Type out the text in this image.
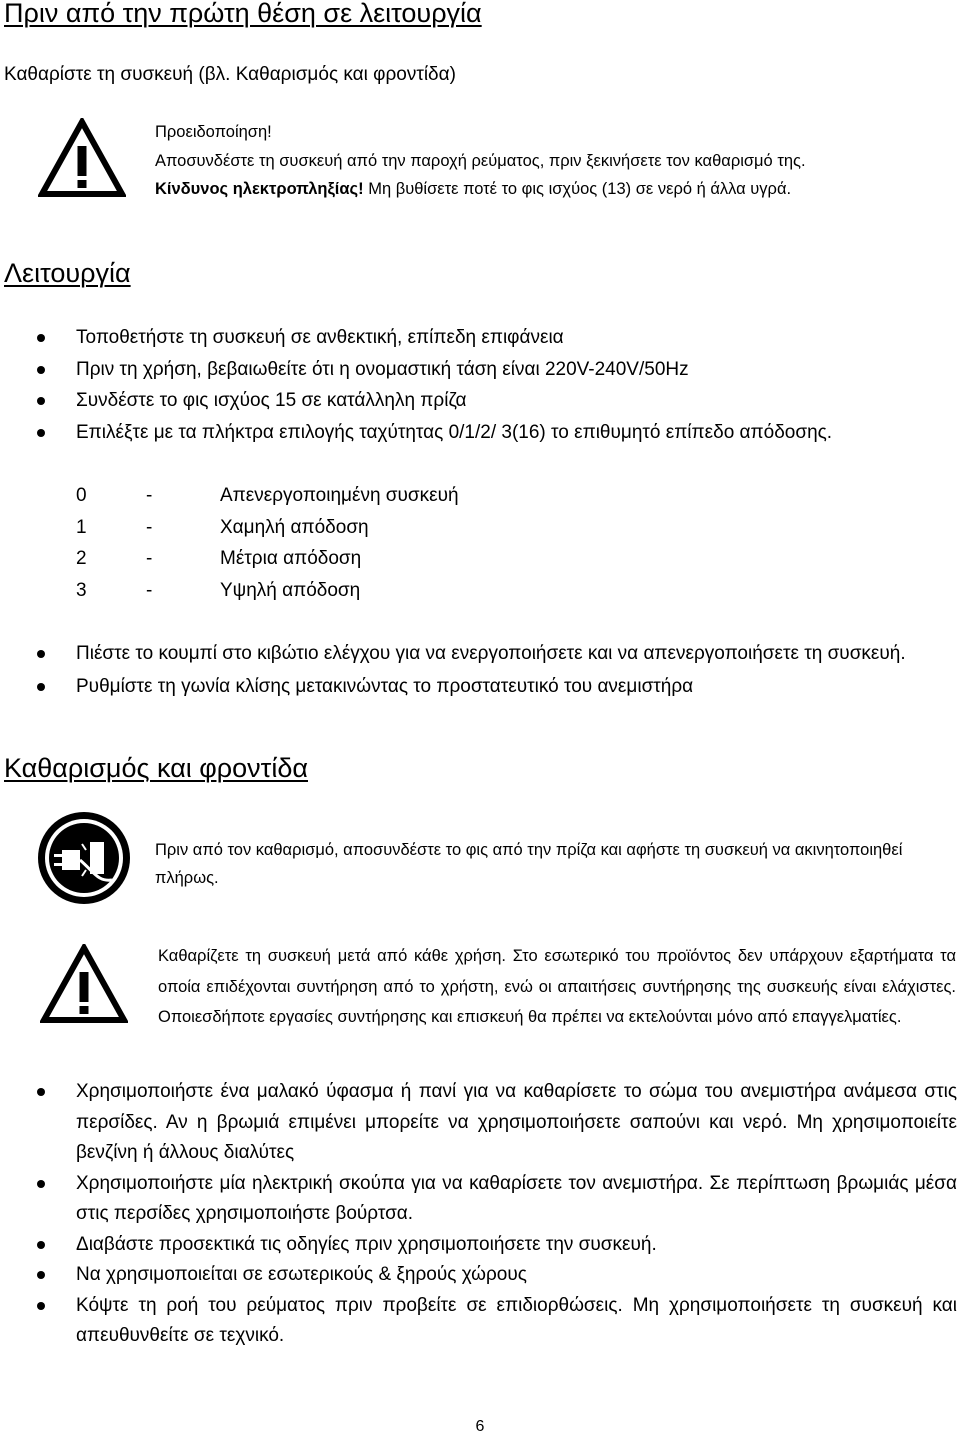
Πριν από την πρώτη θέση σε λειτουργία

Καθαρίστε τη συσκευή (βλ. Καθαρισμός και φροντίδα)

Προειδοποίηση!
Αποσυνδέστε τη συσκευή από την παροχή ρεύματος, πριν ξεκινήσετε τον καθαρισμό της.
Κίνδυνος ηλεκτροπληξίας! Μη βυθίσετε ποτέ το φις ισχύος (13) σε νερό ή άλλα υγρά.
Λειτουργία
Τοποθετήστε τη συσκευή σε ανθεκτική, επίπεδη επιφάνεια
Πριν τη χρήση, βεβαιωθείτε ότι η ονομαστική τάση είναι 220V-240V/50Hz
Συνδέστε το φις ισχύος 15 σε κατάλληλη πρίζα
Επιλέξτε με τα πλήκτρα επιλογής ταχύτητας 0/1/2/ 3(16) το επιθυμητό επίπεδο απόδοσης.
0	-	Απενεργοποιημένη συσκευή
1	-	Χαμηλή απόδοση
2	-	Μέτρια απόδοση
3	-	Υψηλή απόδοση
Πιέστε το κουμπί στο κιβώτιο ελέγχου για να ενεργοποιήσετε και να απενεργοποιήσετε τη συσκευή.
Ρυθμίστε τη γωνία κλίσης μετακινώντας το προστατευτικό του ανεμιστήρα
Καθαρισμός και φροντίδα

Πριν από τον καθαρισμό, αποσυνδέστε το φις από την πρίζα και αφήστε τη συσκευή να ακινητοποιηθεί πλήρως.

Καθαρίζετε τη συσκευή μετά από κάθε χρήση. Στο εσωτερικό του προϊόντος δεν υπάρχουν εξαρτήματα τα οποία επιδέχονται συντήρηση από το χρήστη, ενώ οι απαιτήσεις συντήρησης της συσκευής είναι ελάχιστες. Οποιεσδήποτε εργασίες συντήρησης και επισκευή θα πρέπει να εκτελούνται μόνο από επαγγελματίες.

Χρησιμοποιήστε ένα μαλακό ύφασμα ή πανί για να καθαρίσετε το σώμα του ανεμιστήρα ανάμεσα στις περσίδες. Αν η βρωμιά επιμένει μπορείτε να χρησιμοποιήσετε σαπούνι και νερό. Μη χρησιμοποιείτε βενζίνη ή άλλους διαλύτες
Χρησιμοποιήστε μία ηλεκτρική σκούπα για να καθαρίσετε τον ανεμιστήρα. Σε περίπτωση βρωμιάς μέσα στις περσίδες χρησιμοποιήστε βούρτσα.
Διαβάστε προσεκτικά τις οδηγίες πριν χρησιμοποιήσετε την συσκευή.
Να χρησιμοποιείται σε εσωτερικούς & ξηρούς χώρους
Κόψτε τη ροή του ρεύματος πριν προβείτε σε επιδιορθώσεις. Μη χρησιμοποιήσετε τη συσκευή και απευθυνθείτε σε τεχνικό.
6
